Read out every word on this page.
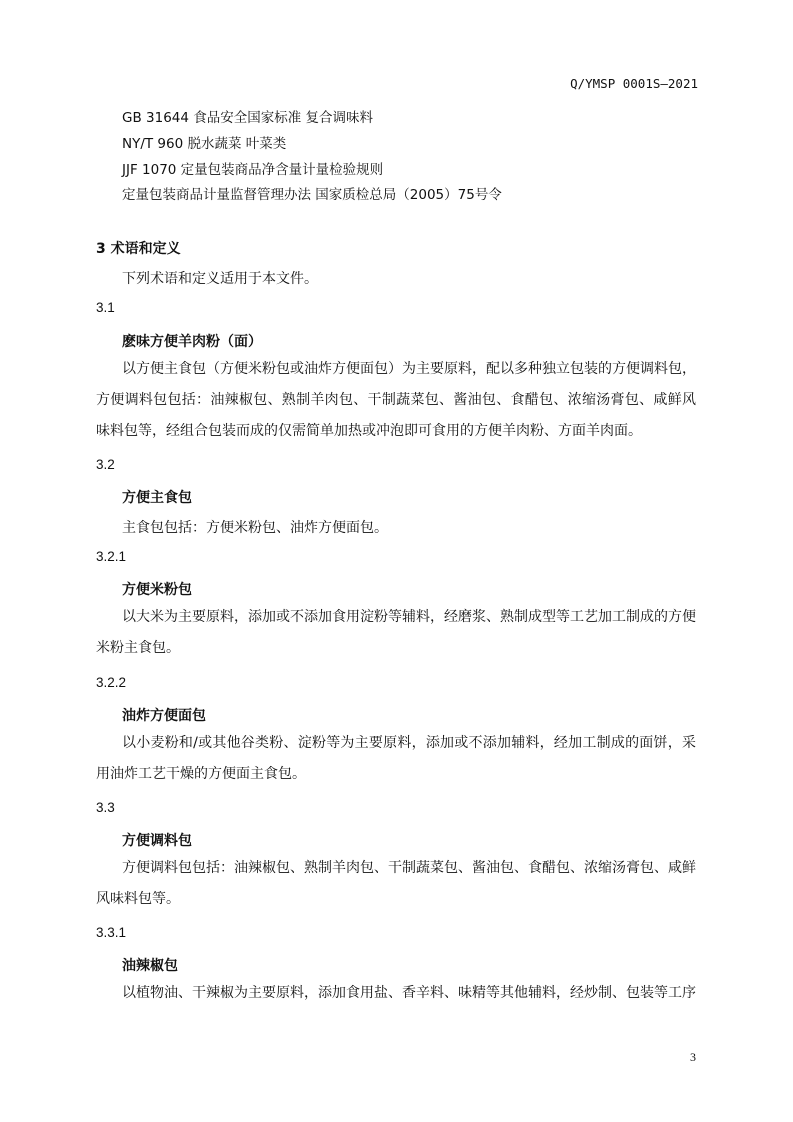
Q/YMSP 0001S—2021
GB 31644 食品安全国家标准 复合调味料
NY/T 960 脱水蔬菜 叶菜类
JJF 1070 定量包装商品净含量计量检验规则
定量包装商品计量监督管理办法 国家质检总局（2005）75号令
3 术语和定义
下列术语和定义适用于本文件。
3.1
麽味方便羊肉粉（面）
以方便主食包（方便米粉包或油炸方便面包）为主要原料，配以多种独立包装的方便调料包，方便调料包包括：油辣椒包、熟制羊肉包、干制蔬菜包、酱油包、食醋包、浓缩汤膏包、咸鲜风味料包等，经组合包装而成的仅需简单加热或冲泡即可食用的方便羊肉粉、方面羊肉面。
3.2
方便主食包
主食包包括：方便米粉包、油炸方便面包。
3.2.1
方便米粉包
以大米为主要原料，添加或不添加食用淀粉等辅料，经磨浆、熟制成型等工艺加工制成的方便米粉主食包。
3.2.2
油炸方便面包
以小麦粉和/或其他谷类粉、淀粉等为主要原料，添加或不添加辅料，经加工制成的面饼，采用油炸工艺干燥的方便面主食包。
3.3
方便调料包
方便调料包包括：油辣椒包、熟制羊肉包、干制蔬菜包、酱油包、食醋包、浓缩汤膏包、咸鲜风味料包等。
3.3.1
油辣椒包
以植物油、干辣椒为主要原料，添加食用盐、香辛料、味精等其他辅料，经炒制、包装等工序
3
